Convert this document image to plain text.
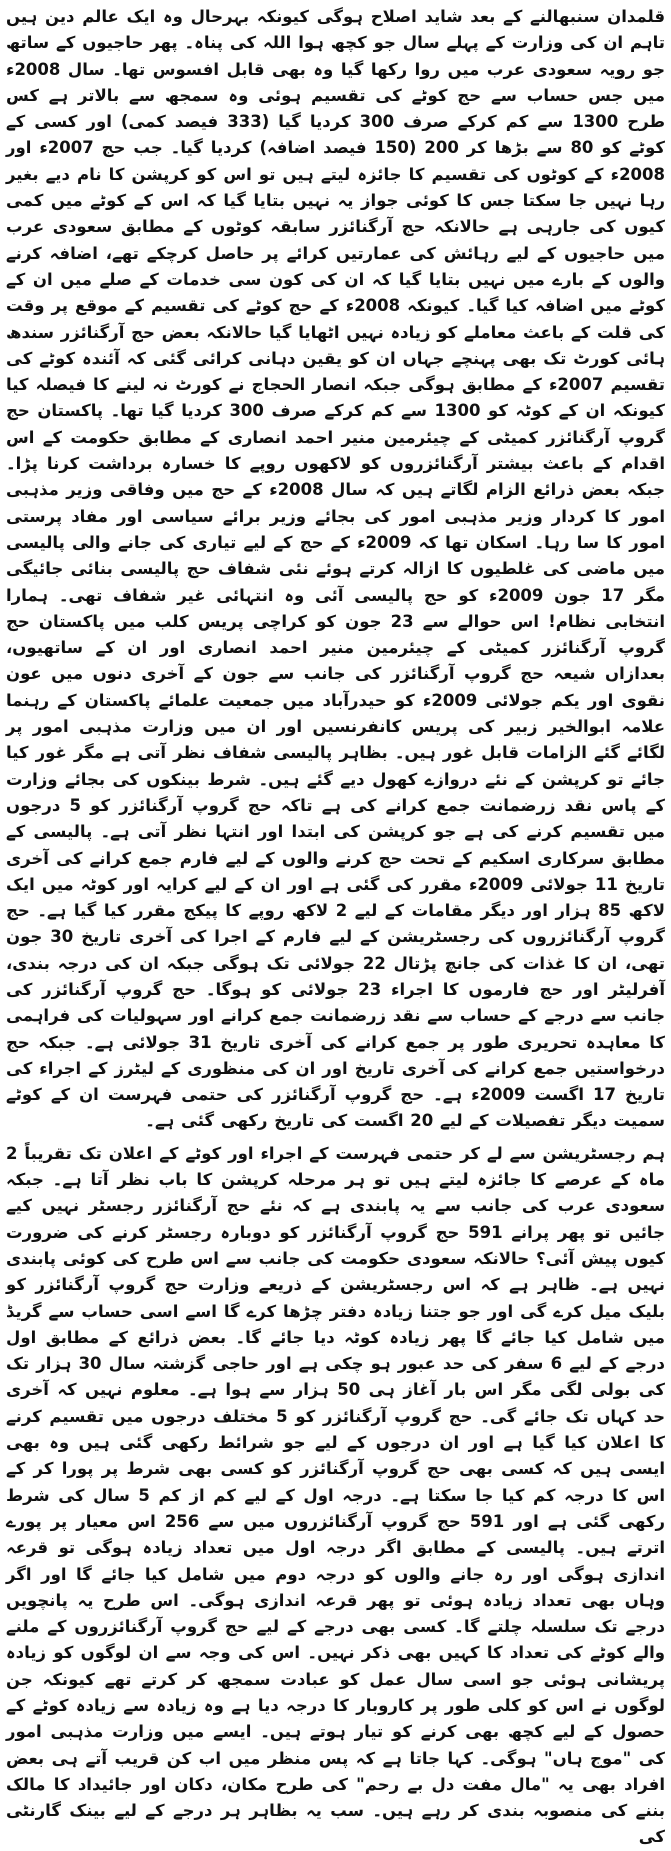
قلمدان سنبھالنے کے بعد شاید اصلاح ہوگی کیونکہ بہرحال وہ ایک عالم دین ہیں تاہم ان کی وزارت کے پہلے سال جو کچھ ہوا اللہ کی پناہ۔ پھر حاجیوں کے ساتھ جو رویہ سعودی عرب میں روا رکھا گیا وہ بھی قابل افسوس تھا۔ سال 2008ء میں جس حساب سے حج کوٹے کی تقسیم ہوئی وہ سمجھ سے بالاتر ہے کس طرح 1300 سے کم کرکے صرف 300 کردیا گیا (333 فیصد کمی) اور کسی کے کوٹے کو 80 سے بڑھا کر 200 (150 فیصد اضافہ) کردیا گیا۔ جب حج 2007ء اور 2008ء کے کوٹوں کی تقسیم کا جائزہ لیتے ہیں تو اس کو کرپشن کا نام دیے بغیر رہا نہیں جا سکتا جس کا کوئی جواز یہ نہیں بتایا گیا کہ اس کے کوٹے میں کمی کیوں کی جارہی ہے حالانکہ حج آرگنائزر سابقہ کوٹوں کے مطابق سعودی عرب میں حاجیوں کے لیے رہائش کی عمارتیں کرائے پر حاصل کرچکے تھے، اضافہ کرنے والوں کے بارے میں نہیں بتایا گیا کہ ان کی کون سی خدمات کے صلے میں ان کے کوٹے میں اضافہ کیا گیا۔ کیونکہ 2008ء کے حج کوٹے کی تقسیم کے موقع پر وقت کی قلت کے باعث معاملے کو زیادہ نہیں اٹھایا گیا حالانکہ بعض حج آرگنائزر سندھ ہائی کورٹ تک بھی پہنچے جہاں ان کو یقین دہانی کرائی گئی کہ آئندہ کوٹے کی تقسیم 2007ء کے مطابق ہوگی جبکہ انصار الحجاج نے کورٹ نہ لینے کا فیصلہ کیا کیونکہ ان کے کوٹہ کو 1300 سے کم کرکے صرف 300 کردیا گیا تھا۔ پاکستان حج گروپ آرگنائزر کمیٹی کے چیئرمین منیر احمد انصاری کے مطابق حکومت کے اس اقدام کے باعث بیشتر آرگنائزروں کو لاکھوں روپے کا خسارہ برداشت کرنا پڑا۔ جبکہ بعض ذرائع الزام لگاتے ہیں کہ سال 2008ء کے حج میں وفاقی وزیر مذہبی امور کا کردار وزیر مذہبی امور کی بجائے وزیر برائے سیاسی اور مفاد پرستی امور کا سا رہا۔ اسکان تھا کہ 2009ء کے حج کے لیے تیاری کی جانے والی پالیسی میں ماضی کی غلطیوں کا ازالہ کرتے ہوئے نئی شفاف حج پالیسی بنائی جائیگی مگر 17 جون 2009ء کو حج پالیسی آئی وہ انتہائی غیر شفاف تھی۔ ہمارا انتخابی نظام! اس حوالے سے 23 جون کو کراچی پریس کلب میں پاکستان حج گروپ آرگنائزر کمیٹی کے چیئرمین منیر احمد انصاری اور ان کے ساتھیوں، بعدازاں شیعہ حج گروپ آرگنائزر کی جانب سے جون کے آخری دنوں میں عون نقوی اور یکم جولائی 2009ء کو حیدرآباد میں جمعیت علمائے پاکستان کے رہنما علامہ ابوالخیر زبیر کی پریس کانفرنسیں اور ان میں وزارت مذہبی امور پر لگائے گئے الزامات قابل غور ہیں۔ بظاہر پالیسی شفاف نظر آتی ہے مگر غور کیا جائے تو کرپشن کے نئے دروازے کھول دیے گئے ہیں۔ شرط بینکوں کی بجائے وزارت کے پاس نقد زرضمانت جمع کرانے کی ہے تاکہ حج گروپ آرگنائزر کو 5 درجوں میں تقسیم کرنے کی ہے جو کرپشن کی ابتدا اور انتہا نظر آتی ہے۔ پالیسی کے مطابق سرکاری اسکیم کے تحت حج کرنے والوں کے لیے فارم جمع کرانے کی آخری تاریخ 11 جولائی 2009ء مقرر کی گئی ہے اور ان کے لیے کرایہ اور کوٹہ میں ایک لاکھ 85 ہزار اور دیگر مقامات کے لیے 2 لاکھ روپے کا پیکج مقرر کیا گیا ہے۔ حج گروپ آرگنائزروں کی رجسٹریشن کے لیے فارم کے اجرا کی آخری تاریخ 30 جون تھی، ان کا غذات کی جانچ پڑتال 22 جولائی تک ہوگی جبکہ ان کی درجہ بندی، آفرلیٹر اور حج فارموں کا اجراء 23 جولائی کو ہوگا۔ حج گروپ آرگنائزر کی جانب سے درجے کے حساب سے نقد زرضمانت جمع کرانے اور سہولیات کی فراہمی کا معاہدہ تحریری طور پر جمع کرانے کی آخری تاریخ 31 جولائی ہے۔ جبکہ حج درخواستیں جمع کرانے کی آخری تاریخ اور ان کی منظوری کے لیٹرز کے اجراء کی تاریخ 17 اگست 2009ء ہے۔ حج گروپ آرگنائزر کی حتمی فہرست ان کے کوٹے سمیت دیگر تفصیلات کے لیے 20 اگست کی تاریخ رکھی گئی ہے۔

ہم رجسٹریشن سے لے کر حتمی فہرست کے اجراء اور کوٹے کے اعلان تک تقریباً 2 ماہ کے عرصے کا جائزہ لیتے ہیں تو ہر مرحلہ کرپشن کا باب نظر آتا ہے۔ جبکہ سعودی عرب کی جانب سے یہ پابندی ہے کہ نئے حج آرگنائزر رجسٹر نہیں کیے جائیں تو پھر پرانے 591 حج گروپ آرگنائزر کو دوبارہ رجسٹر کرنے کی ضرورت کیوں پیش آئی؟ حالانکہ سعودی حکومت کی جانب سے اس طرح کی کوئی پابندی نہیں ہے۔ ظاہر ہے کہ اس رجسٹریشن کے ذریعے وزارت حج گروپ آرگنائزر کو بلیک میل کرے گی اور جو جتنا زیادہ دفتر چڑھا کرے گا اسے اسی حساب سے گریڈ میں شامل کیا جائے گا پھر زیادہ کوٹہ دیا جائے گا۔ بعض ذرائع کے مطابق اول درجے کے لیے 6 سفر کی حد عبور ہو چکی ہے اور حاجی گزشتہ سال 30 ہزار تک کی بولی لگی مگر اس بار آغاز ہی 50 ہزار سے ہوا ہے۔ معلوم نہیں کہ آخری حد کہاں تک جائے گی۔ حج گروپ آرگنائزر کو 5 مختلف درجوں میں تقسیم کرنے کا اعلان کیا گیا ہے اور ان درجوں کے لیے جو شرائط رکھی گئی ہیں وہ بھی ایسی ہیں کہ کسی بھی حج گروپ آرگنائزر کو کسی بھی شرط پر پورا کر کے اس کا درجہ کم کیا جا سکتا ہے۔ درجہ اول کے لیے کم از کم 5 سال کی شرط رکھی گئی ہے اور 591 حج گروپ آرگنائزروں میں سے 256 اس معیار پر پورے اترتے ہیں۔ پالیسی کے مطابق اگر درجہ اول میں تعداد زیادہ ہوگی تو قرعہ اندازی ہوگی اور رہ جانے والوں کو درجہ دوم میں شامل کیا جائے گا اور اگر وہاں بھی تعداد زیادہ ہوئی تو پھر قرعہ اندازی ہوگی۔ اس طرح یہ پانچویں درجے تک سلسلہ چلتے گا۔ کسی بھی درجے کے لیے حج گروپ آرگنائزروں کے ملنے والے کوٹے کی تعداد کا کہیں بھی ذکر نہیں۔ اس کی وجہ سے ان لوگوں کو زیادہ پریشانی ہوئی جو اسی سال عمل کو عبادت سمجھ کر کرتے تھے کیونکہ جن لوگوں نے اس کو کلی طور پر کاروبار کا درجہ دیا ہے وہ زیادہ سے زیادہ کوٹے کے حصول کے لیے کچھ بھی کرنے کو تیار ہوتے ہیں۔ ایسے میں وزارت مذہبی امور کی "موج ہاں" ہوگی۔ کہا جاتا ہے کہ پس منظر میں اب کن قریب آتے ہی بعض افراد بھی یہ "مال مفت دل بے رحم" کی طرح مکان، دکان اور جائیداد کا مالک بننے کی منصوبہ بندی کر رہے ہیں۔ سب یہ بظاہر ہر درجے کے لیے بینک گارنٹی کی
